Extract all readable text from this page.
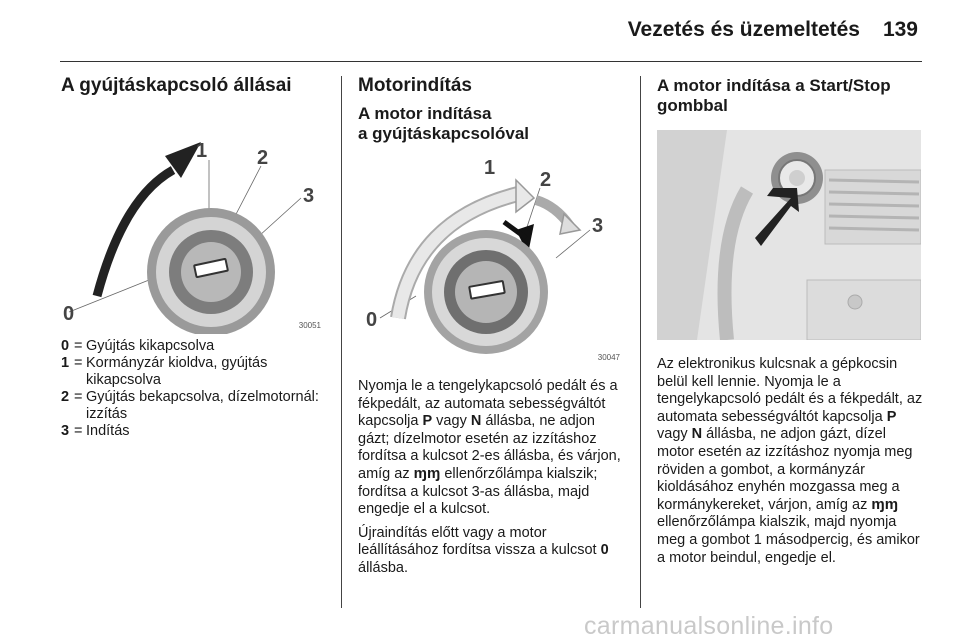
Vezetés és üzemeltetés 139
A gyújtáskapcsoló állásai
1 2
3
0
30051
0 = Gyújtás kikapcsolva
1 = Kormányzár kioldva, gyújtás kikapcsolva
2 = Gyújtás bekapcsolva, dízelmotornál: izzítás
3 = Indítás
Motorindítás
A motor indítása
a gyújtáskapcsolóval
1
2
3
0
30047

Nyomja le a tengelykapcsoló pedált és a fékpedált, az automata sebességváltót kapcsolja P vagy N állásba, ne adjon gázt; dízelmotor esetén az izzításhoz fordítsa a kulcsot 2-es állásba, és várjon, amíg az ɱɱ ellenőrzőlámpa kialszik; fordítsa a kulcsot 3-as állásba, majd engedje el a kulcsot.

Újraindítás előtt vagy a motor leállításához fordítsa vissza a kulcsot 0 állásba.

A motor indítása a Start/Stop
gombbal

Az elektronikus kulcsnak a gépkocsin belül kell lennie. Nyomja le a tengelykapcsoló pedált és a fékpedált, az automata sebességváltót kapcsolja P vagy N állásba, ne adjon gázt, dízel motor esetén az izzításhoz nyomja meg röviden a gombot, a kormányzár kioldásához enyhén mozgassa meg a kormánykereket, várjon, amíg az ɱɱ ellenőrzőlámpa kialszik, majd nyomja meg a gombot 1 másodpercig, és amikor a motor beindul, engedje el.

carmanualsonline.info
